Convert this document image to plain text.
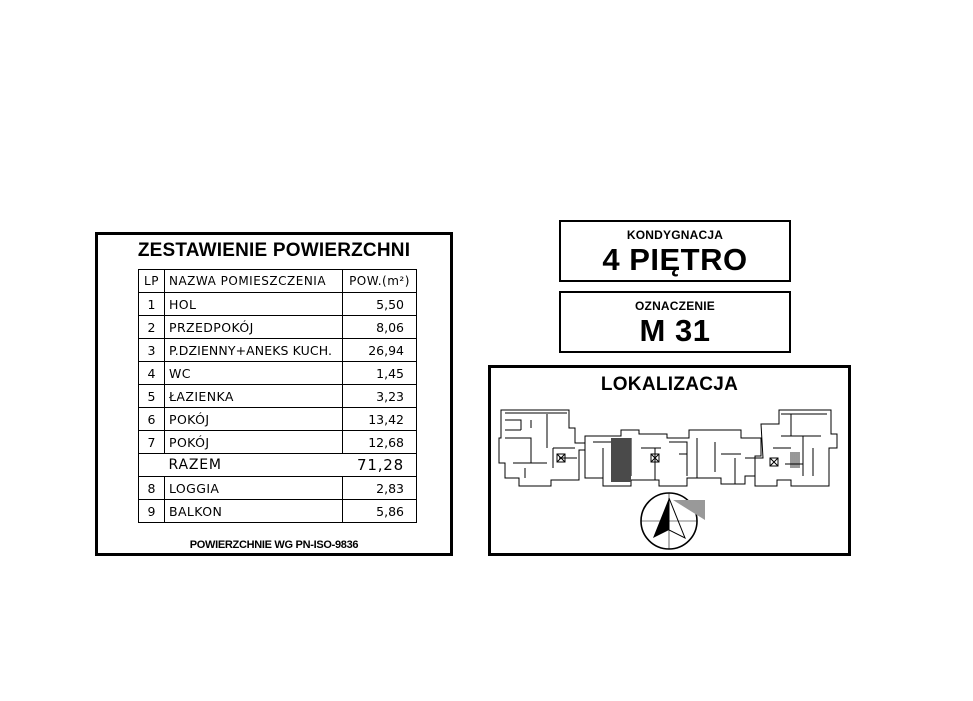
ZESTAWIENIE POWIERZCHNI
LP	NAZWA POMIESZCZENIA	POW.(m²)
1	HOL	5,50
2	PRZEDPOKÓJ	8,06
3	P.DZIENNY+ANEKS KUCH.	26,94
4	WC	1,45
5	ŁAZIENKA	3,23
6	POKÓJ	13,42
7	POKÓJ	12,68
	RAZEM	71,28
8	LOGGIA	2,83
9	BALKON	5,86
POWIERZCHNIE WG PN-ISO-9836
KONDYGNACJA
4 PIĘTRO
OZNACZENIE
M 31
LOKALIZACJA
